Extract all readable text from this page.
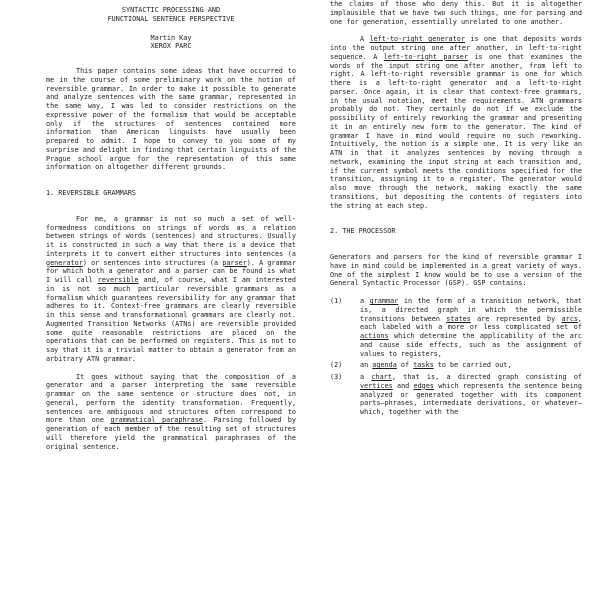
SYNTACTIC PROCESSING AND
FUNCTIONAL SENTENCE PERSPECTIVE
Martin Kay
XEROX PARC

This paper contains some ideas that have occurred to me in the course of some preliminary work on the notion of reversible grammar. In order to make it possible to generate and analyze sentences with the same grammar, represented in the same way, I was led to consider restrictions on the expressive power of the formalism that would be acceptable only if the structures of sentences contained more information than American linguists have usually been prepared to admit. I hope to convey to you some of my surprise and delight in finding that certain linguists of the Prague school argue for the representation of this same information on altogether different grounds.

1. REVERSIBLE GRAMMARS

For me, a grammar is not so much a set of well-formedness conditions on strings of words as a relation between strings of words (sentences) and structures. Usually it is constructed in such a way that there is a device that interprets it to convert either structures into sentences (a generator) or sentences into structures (a parser). A grammar for which both a generator and a parser can be found is what I will call reversible and, of course, what I am interested in is not so much particular reversible grammars as a formalism which guarantees reversibility for any grammar that adheres to it. Context-free grammars are clearly reversible in this sense and transformational grammars are clearly not. Augmented Transition Networks (ATNs) are reversible provided some quite reasonable restrictions are placed on the operations that can be performed on registers. This is not to say that it is a trivial matter to obtain a generator from an arbitrary ATN grammar.

It goes without saying that the composition of a generator and a parser interpreting the same reversible grammar on the same sentence or structure does not, in general, perform the identity transformation. Frequently, sentences are ambiguous and structures often correspond to more than one grammatical paraphrase. Parsing followed by generation of each member of the resulting set of structures will therefore yield the grammatical paraphrases of the original sentence.

the claims of those who deny this. But it is altogether implausible that we have two such things, one for parsing and one for generation, essentially unrelated to one another.

A left-to-right generator is one that deposits words into the output string one after another, in left-to-right sequence. A left-to-right parser is one that examines the words of the input string one after another, from left to right. A left-to-right reversible grammar is one for which there is a left-to-right generator and a left-to-right parser. Once again, it is clear that context-free grammars, in the usual notation, meet the requirements. ATN grammars probably do not. They certainly do not if we exclude the possibility of entirely reworking the grammar and presenting it in an entirely new form to the generator. The kind of grammar I have in mind would require no such reworking. Intuitively, the notion is a simple one. It is very like an ATN in that it analyzes sentences by moving through a network, examining the input string at each transition and, if the current symbol meets the conditions specified for the transition, assigning it to a register. The generator would also move through the network, making exactly the same transitions, but depositing the contents of registers into the string at each step.

2. THE PROCESSOR

Generators and parsers for the kind of reversible grammar I have in mind could be implemented in a great variety of ways. One of the simplest I know would be to use a version of the General Syntactic Processor (GSP). GSP contains:

(1)	a grammar in the form of a transition network, that is, a directed graph in which the permissible transitions between states are represented by arcs, each labeled with a more or less complicated set of actions which determine the applicability of the arc and cause side effects, such as the assignment of values to registers,
(2)	an agenda of tasks to be carried out,
(3)	a chart, that is, a directed graph consisting of vertices and edges which represents the sentence being analyzed or generated together with its component parts—phrases, intermediate derivations, or whatever—which, together with the
